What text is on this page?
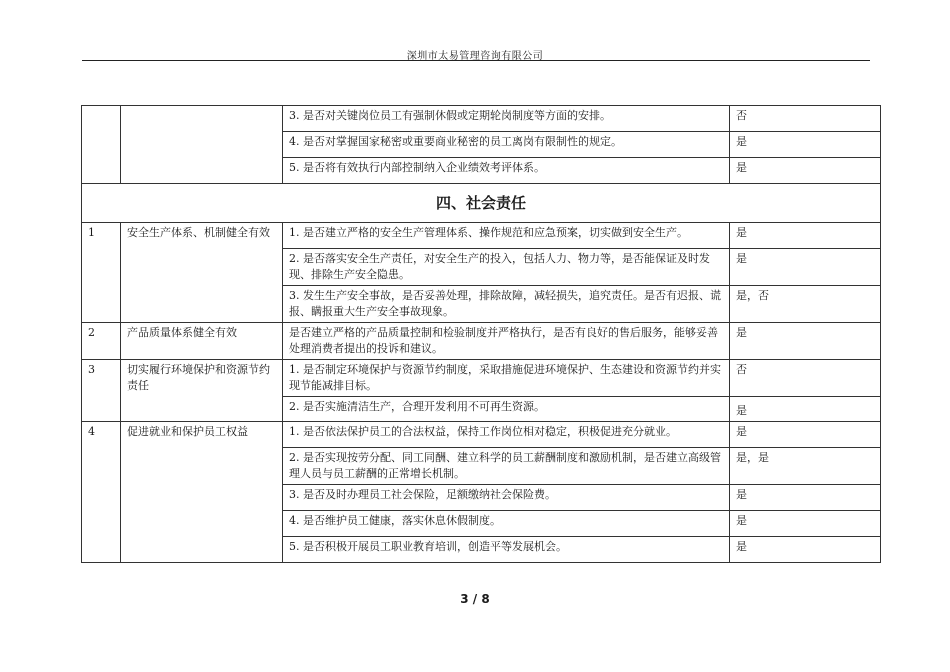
深圳市太易管理咨询有限公司
		3. 是否对关键岗位员工有强制休假或定期轮岗制度等方面的安排。	否
		4. 是否对掌握国家秘密或重要商业秘密的员工离岗有限制性的规定。	是
		5. 是否将有效执行内部控制纳入企业绩效考评体系。	是
四、社会责任			
1	安全生产体系、机制健全有效	1. 是否建立严格的安全生产管理体系、操作规范和应急预案，切实做到安全生产。	是
		2. 是否落实安全生产责任，对安全生产的投入，包括人力、物力等，是否能保证及时发现、排除生产安全隐患。	是
		3. 发生生产安全事故，是否妥善处理，排除故障，减轻损失，追究责任。是否有迟报、谎报、瞒报重大生产安全事故现象。	是，否
2	产品质量体系健全有效	是否建立严格的产品质量控制和检验制度并严格执行，是否有良好的售后服务，能够妥善处理消费者提出的投诉和建议。	是
3	切实履行环境保护和资源节约责任	1. 是否制定环境保护与资源节约制度，采取措施促进环境保护、生态建设和资源节约并实现节能减排目标。	否
		2. 是否实施清洁生产，合理开发利用不可再生资源。	是
4	促进就业和保护员工权益	1. 是否依法保护员工的合法权益，保持工作岗位相对稳定，积极促进充分就业。	是
		2. 是否实现按劳分配、同工同酬、建立科学的员工薪酬制度和激励机制，是否建立高级管理人员与员工薪酬的正常增长机制。	是，是
		3. 是否及时办理员工社会保险，足额缴纳社会保险费。	是
		4. 是否维护员工健康，落实休息休假制度。	是
		5. 是否积极开展员工职业教育培训，创造平等发展机会。	是
3 / 8
